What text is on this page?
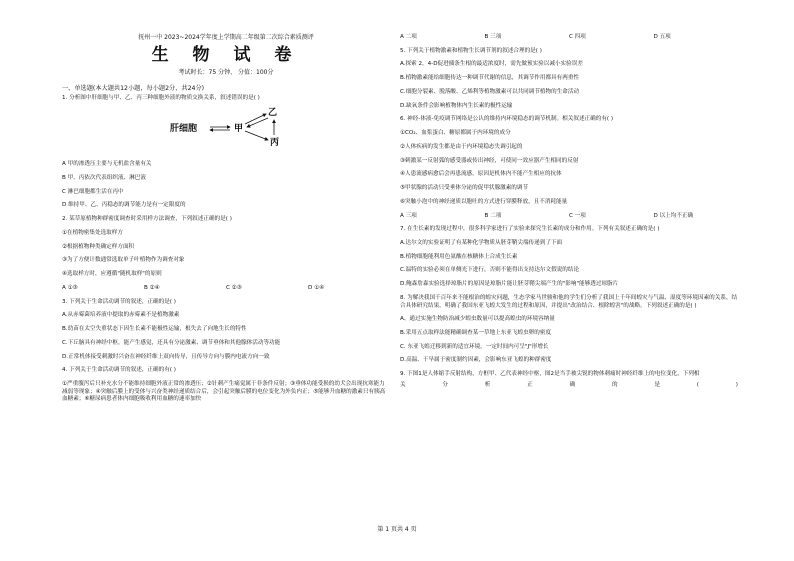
抚州一中 2023~2024学年度上学期高二年级第二次综合素质测评
生 物 试 卷
考试时长：75 分钟， 分值：100分
一、单选题(本大题共12小题，每小题2分，共24分)

1. 分析图中肝细胞与甲、乙、丙三种细胞外液的物质交换关系，叙述错误的是( )

肝细胞	甲
乙
丙

A 甲的渗透压主要与无机盐含量有关

B 甲、丙依次代表组织液、淋巴液

C 淋巴细胞都生活在丙中

D 维持甲、乙、丙稳态的调节能力是有一定限度的

2. 某草原植物种群密度调查时采用样方法调查，下列叙述正确的是( )

①在植物密集处选取样方

②根据植物种类确定样方面积

③为了方便计数通常选取单子叶植物作为调查对象

④选取样方时，应遵循"随机取样"的原则

A ①③	B ②④	C ②③	D ①④

3. 下列关于生命活动调节的叙述，正确的是( )

A.从赤霉菌培养液中提取的赤霉素不是植物激素

B.幼苗在太空失重状态下因生长素不能极性运输，根失去了向地生长的特性

C.下丘脑具有神经中枢，能产生感觉，还具有分泌激素、调节垂体和其他腺体活动等功能

D.正常机体接受刺激时兴奋在神经纤维上双向传导，且传导方向与膜内电流方向一致

4. 下列关于生命活动调节的叙述，正确的有( )

①严重腹泻后只补充水分不能维持细胞外液正常的渗透压；②针刺产生痛觉属于非条件反射；③垂体功能受损的幼犬会出现抗寒能力减弱等现象；④突触后膜上的受体与兴奋类神经递质结合后，会引起突触后膜的电位变化为外负内正；⑤能够升血糖的激素只有胰高血糖素；⑥糖尿病患者体内细胞吸收利用血糖的速率加快

A 二项	B 三项	C 四项	D 五项

5. 下列关于植物激素和植物生长调节剂的叙述合理的是( )

A.探索 2，4-D促进插条生根的最适浓度时，需先做预实验以减小实验误差

B.植物激素能给细胞传达一种调节代谢的信息，其调节作用都具有两重性

C.细胞分裂素、脱落酸、乙烯利等植物激素可以共同调节植物的生命活动

D.缺氧条件会影响植物体内生长素的极性运输

6. 神经-体液-免疫调节网络是公认的维持内环境稳态的调节机制。相关叙述正确的有( )

①CO₂、血浆蛋白、糖原都属于内环境的成分

②人体疾病的发生都是由于内环境稳态失调引起的

③刺激某一反射弧的感受器或传出神经，可使同一效应器产生相同的反射

④人患流感病愈后会再患流感，原因是机体内不能产生相应的抗体

⑤甲状腺的活动只受垂体分泌的促甲状腺激素的调节

⑥突触小泡中的神经递质以胞吐的方式进行穿膜释放，且不消耗能量

A 三项	B 二项	C 一项	D 以上均不正确

7. 在生长素的发现过程中，很多科学家进行了实验来探究生长素的成分和作用。下列有关叙述正确的是( )

A.达尔文的实验证明了有某种化学物质从胚芽鞘尖端传递到了下面

B.植物细胞能利用色氨酸在核糖体上合成生长素

C.温特的实验必须在单侧光下进行，否则不能得出支持达尔文假说的结论

D.鲍森詹森实验选择琼脂片的原因是琼脂片能让胚芽鞘尖端产生的"影响"能够透过琼脂片

8. 为解决我国千百年来不能根治的蝗灾问题，生态学家马世骏和他的学生们分析了我国上千年间蝗灾与气温、湿度等环境因素的关系，结合具体研究结果，明确了我国东亚飞蝗大发生的过程和原因，并提出"改治结合、根除蝗害"的战略。下列叙述正确的是( )

A、通过实施生物防治减少蝗虫数量可以提高蝗虫的环境容纳量

B.采用五点取样法能精确调查某一草地上东亚飞蝗虫卵的密度

C. 东亚飞蝗迁移到新的适宜环境，一定时间内可呈"J"形增长

D.高温、干旱属于密度制约因素，会影响东亚飞蝗的种群密度

9. 下图1是人体缩手反射结构，方框甲、乙代表神经中枢，图2是当手被尖锐的物体刺痛时神经纤维上的电位变化，下列相

关	分	析	正	确	的	是	(	)
第 1 页共 4 页
